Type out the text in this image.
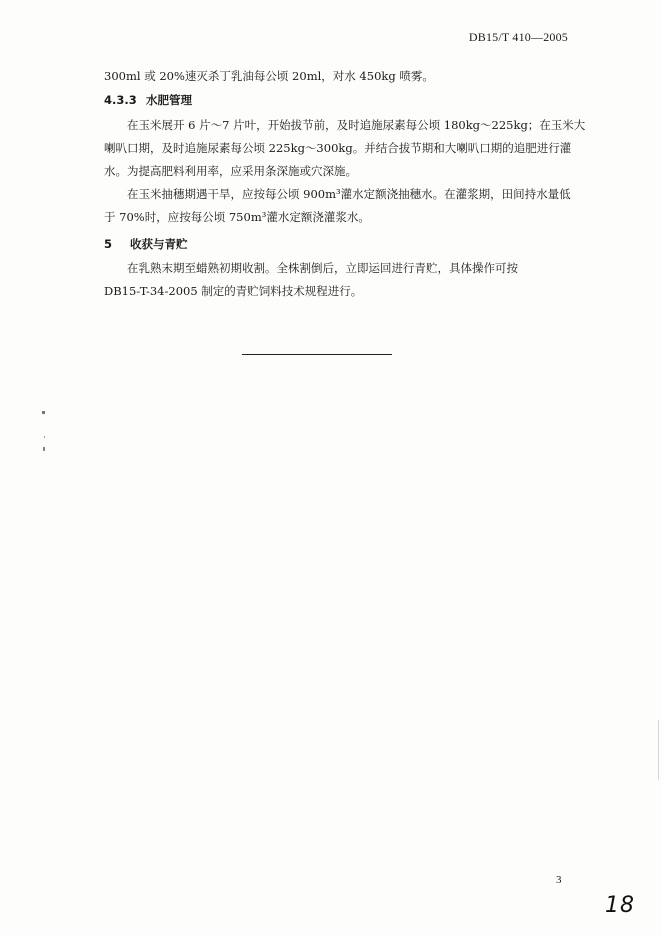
DB15/T 410—2005
300ml 或 20%速灭杀丁乳油每公顷 20ml，对水 450kg 喷雾。
4.3.3 水肥管理
在玉米展开 6 片～7 片叶，开始拔节前，及时追施尿素每公顷 180kg～225kg；在玉米大
喇叭口期，及时追施尿素每公顷 225kg～300kg。并结合拔节期和大喇叭口期的追肥进行灌
水。为提高肥料利用率，应采用条深施或穴深施。
在玉米抽穗期遇干旱，应按每公顷 900m³灌水定额浇抽穗水。在灌浆期，田间持水量低
于 70%时，应按每公顷 750m³灌水定额浇灌浆水。
5 收获与青贮
在乳熟末期至蜡熟初期收割。全株割倒后，立即运回进行青贮，具体操作可按
DB15-T-34-2005 制定的青贮饲料技术规程进行。
3
18
